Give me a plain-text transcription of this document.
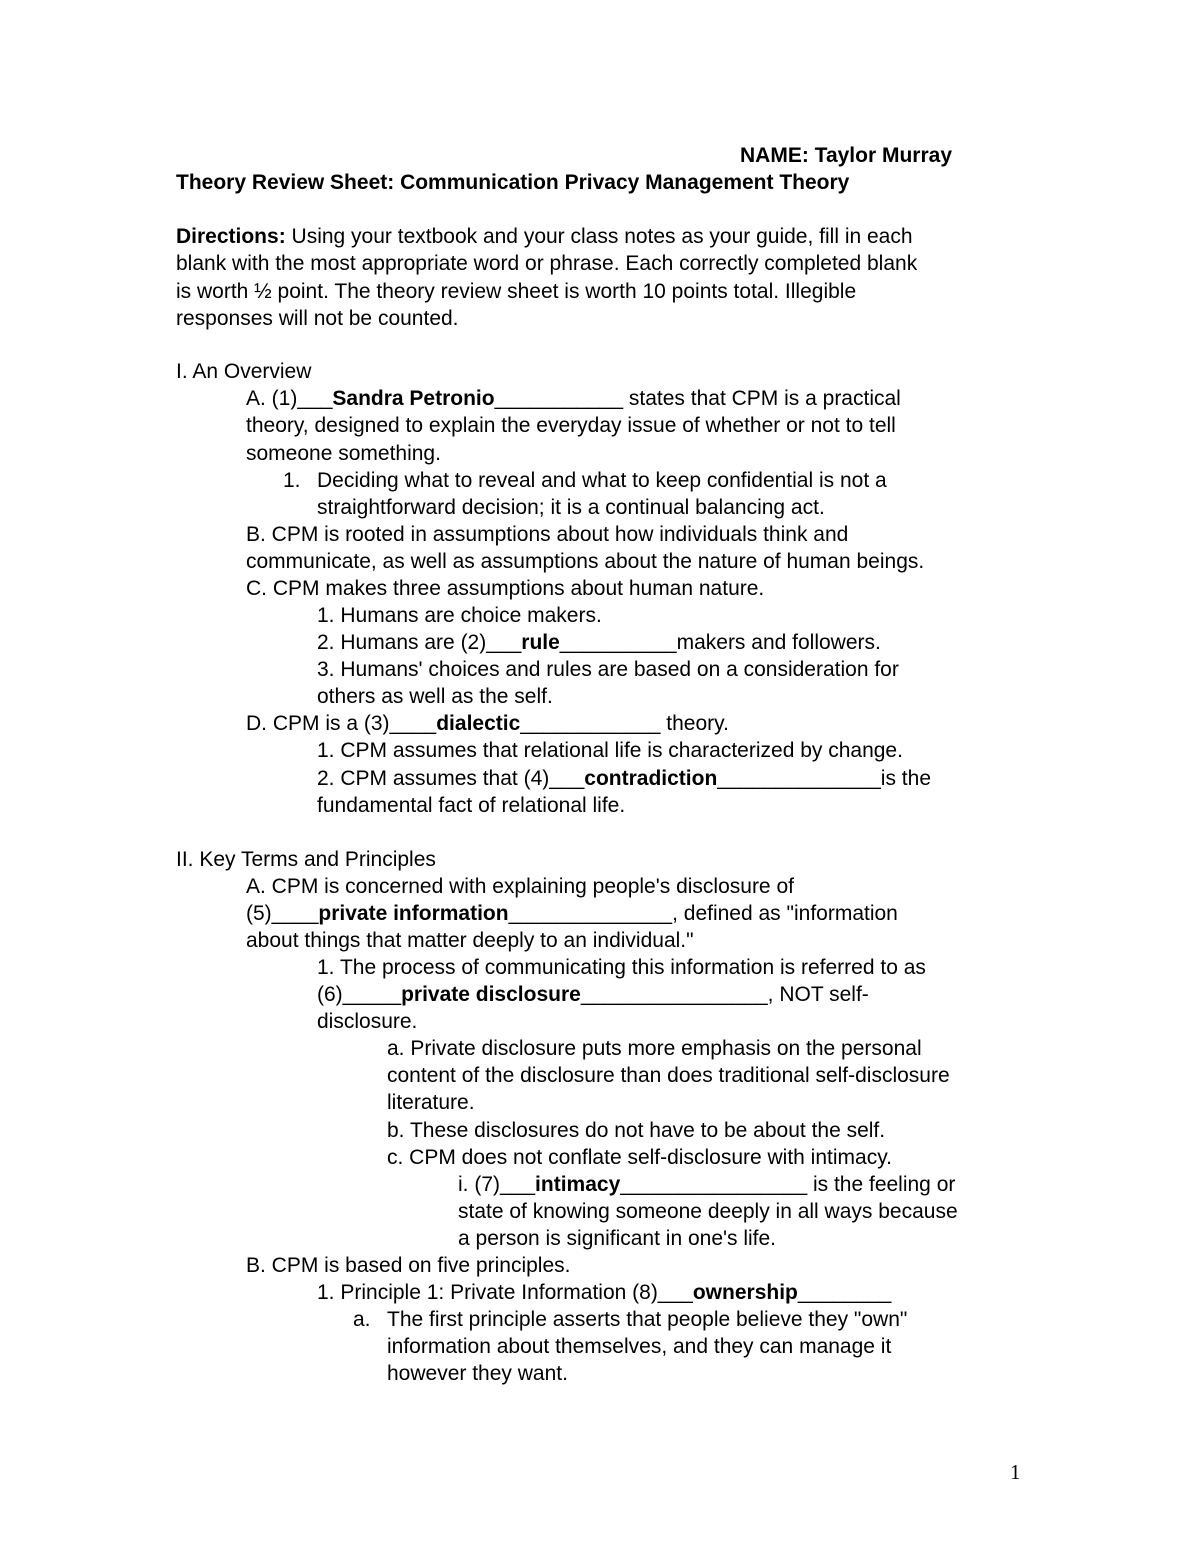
NAME: Taylor Murray
Theory Review Sheet: Communication Privacy Management Theory
Directions: Using your textbook and your class notes as your guide, fill in each
blank with the most appropriate word or phrase. Each correctly completed blank
is worth ½ point. The theory review sheet is worth 10 points total. Illegible
responses will not be counted.
I. An Overview
A. (1)___Sandra Petronio___________ states that CPM is a practical
theory, designed to explain the everyday issue of whether or not to tell
someone something.
1. Deciding what to reveal and what to keep confidential is not a
straightforward decision; it is a continual balancing act.
B. CPM is rooted in assumptions about how individuals think and
communicate, as well as assumptions about the nature of human beings.
C. CPM makes three assumptions about human nature.
1. Humans are choice makers.
2. Humans are (2)___rule__________makers and followers.
3. Humans' choices and rules are based on a consideration for
others as well as the self.
D. CPM is a (3)____dialectic____________ theory.
1. CPM assumes that relational life is characterized by change.
2. CPM assumes that (4)___contradiction______________is the
fundamental fact of relational life.
II. Key Terms and Principles
A. CPM is concerned with explaining people's disclosure of
(5)____private information______________, defined as "information
about things that matter deeply to an individual."
1. The process of communicating this information is referred to as
(6)_____private disclosure________________, NOT self-
disclosure.
a. Private disclosure puts more emphasis on the personal
content of the disclosure than does traditional self-disclosure
literature.
b. These disclosures do not have to be about the self.
c. CPM does not conflate self-disclosure with intimacy.
i. (7)___intimacy________________ is the feeling or
state of knowing someone deeply in all ways because
a person is significant in one's life.
B. CPM is based on five principles.
1. Principle 1: Private Information (8)___ownership________
a. The first principle asserts that people believe they "own"
information about themselves, and they can manage it
however they want.
1
